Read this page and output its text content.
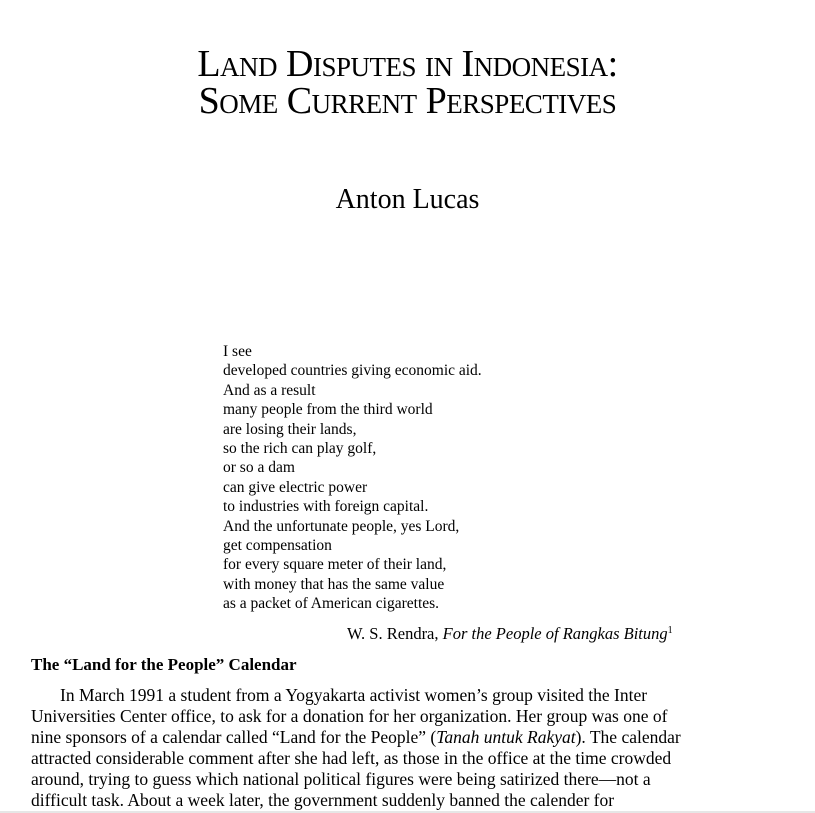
Land Disputes in Indonesia:
Some Current Perspectives
Anton Lucas
I see
developed countries giving economic aid.
And as a result
many people from the third world
are losing their lands,
so the rich can play golf,
or so a dam
can give electric power
to industries with foreign capital.
And the unfortunate people, yes Lord,
get compensation
for every square meter of their land,
with money that has the same value
as a packet of American cigarettes.
W. S. Rendra, For the People of Rangkas Bitung$^1$
The “Land for the People” Calendar
In March 1991 a student from a Yogyakarta activist women’s group visited the Inter
Universities Center office, to ask for a donation for her organization. Her group was one of
nine sponsors of a calendar called “Land for the People” (Tanah untuk Rakyat). The calendar
attracted considerable comment after she had left, as those in the office at the time crowded
around, trying to guess which national political figures were being satirized there—not a
difficult task. About a week later, the government suddenly banned the calender for
